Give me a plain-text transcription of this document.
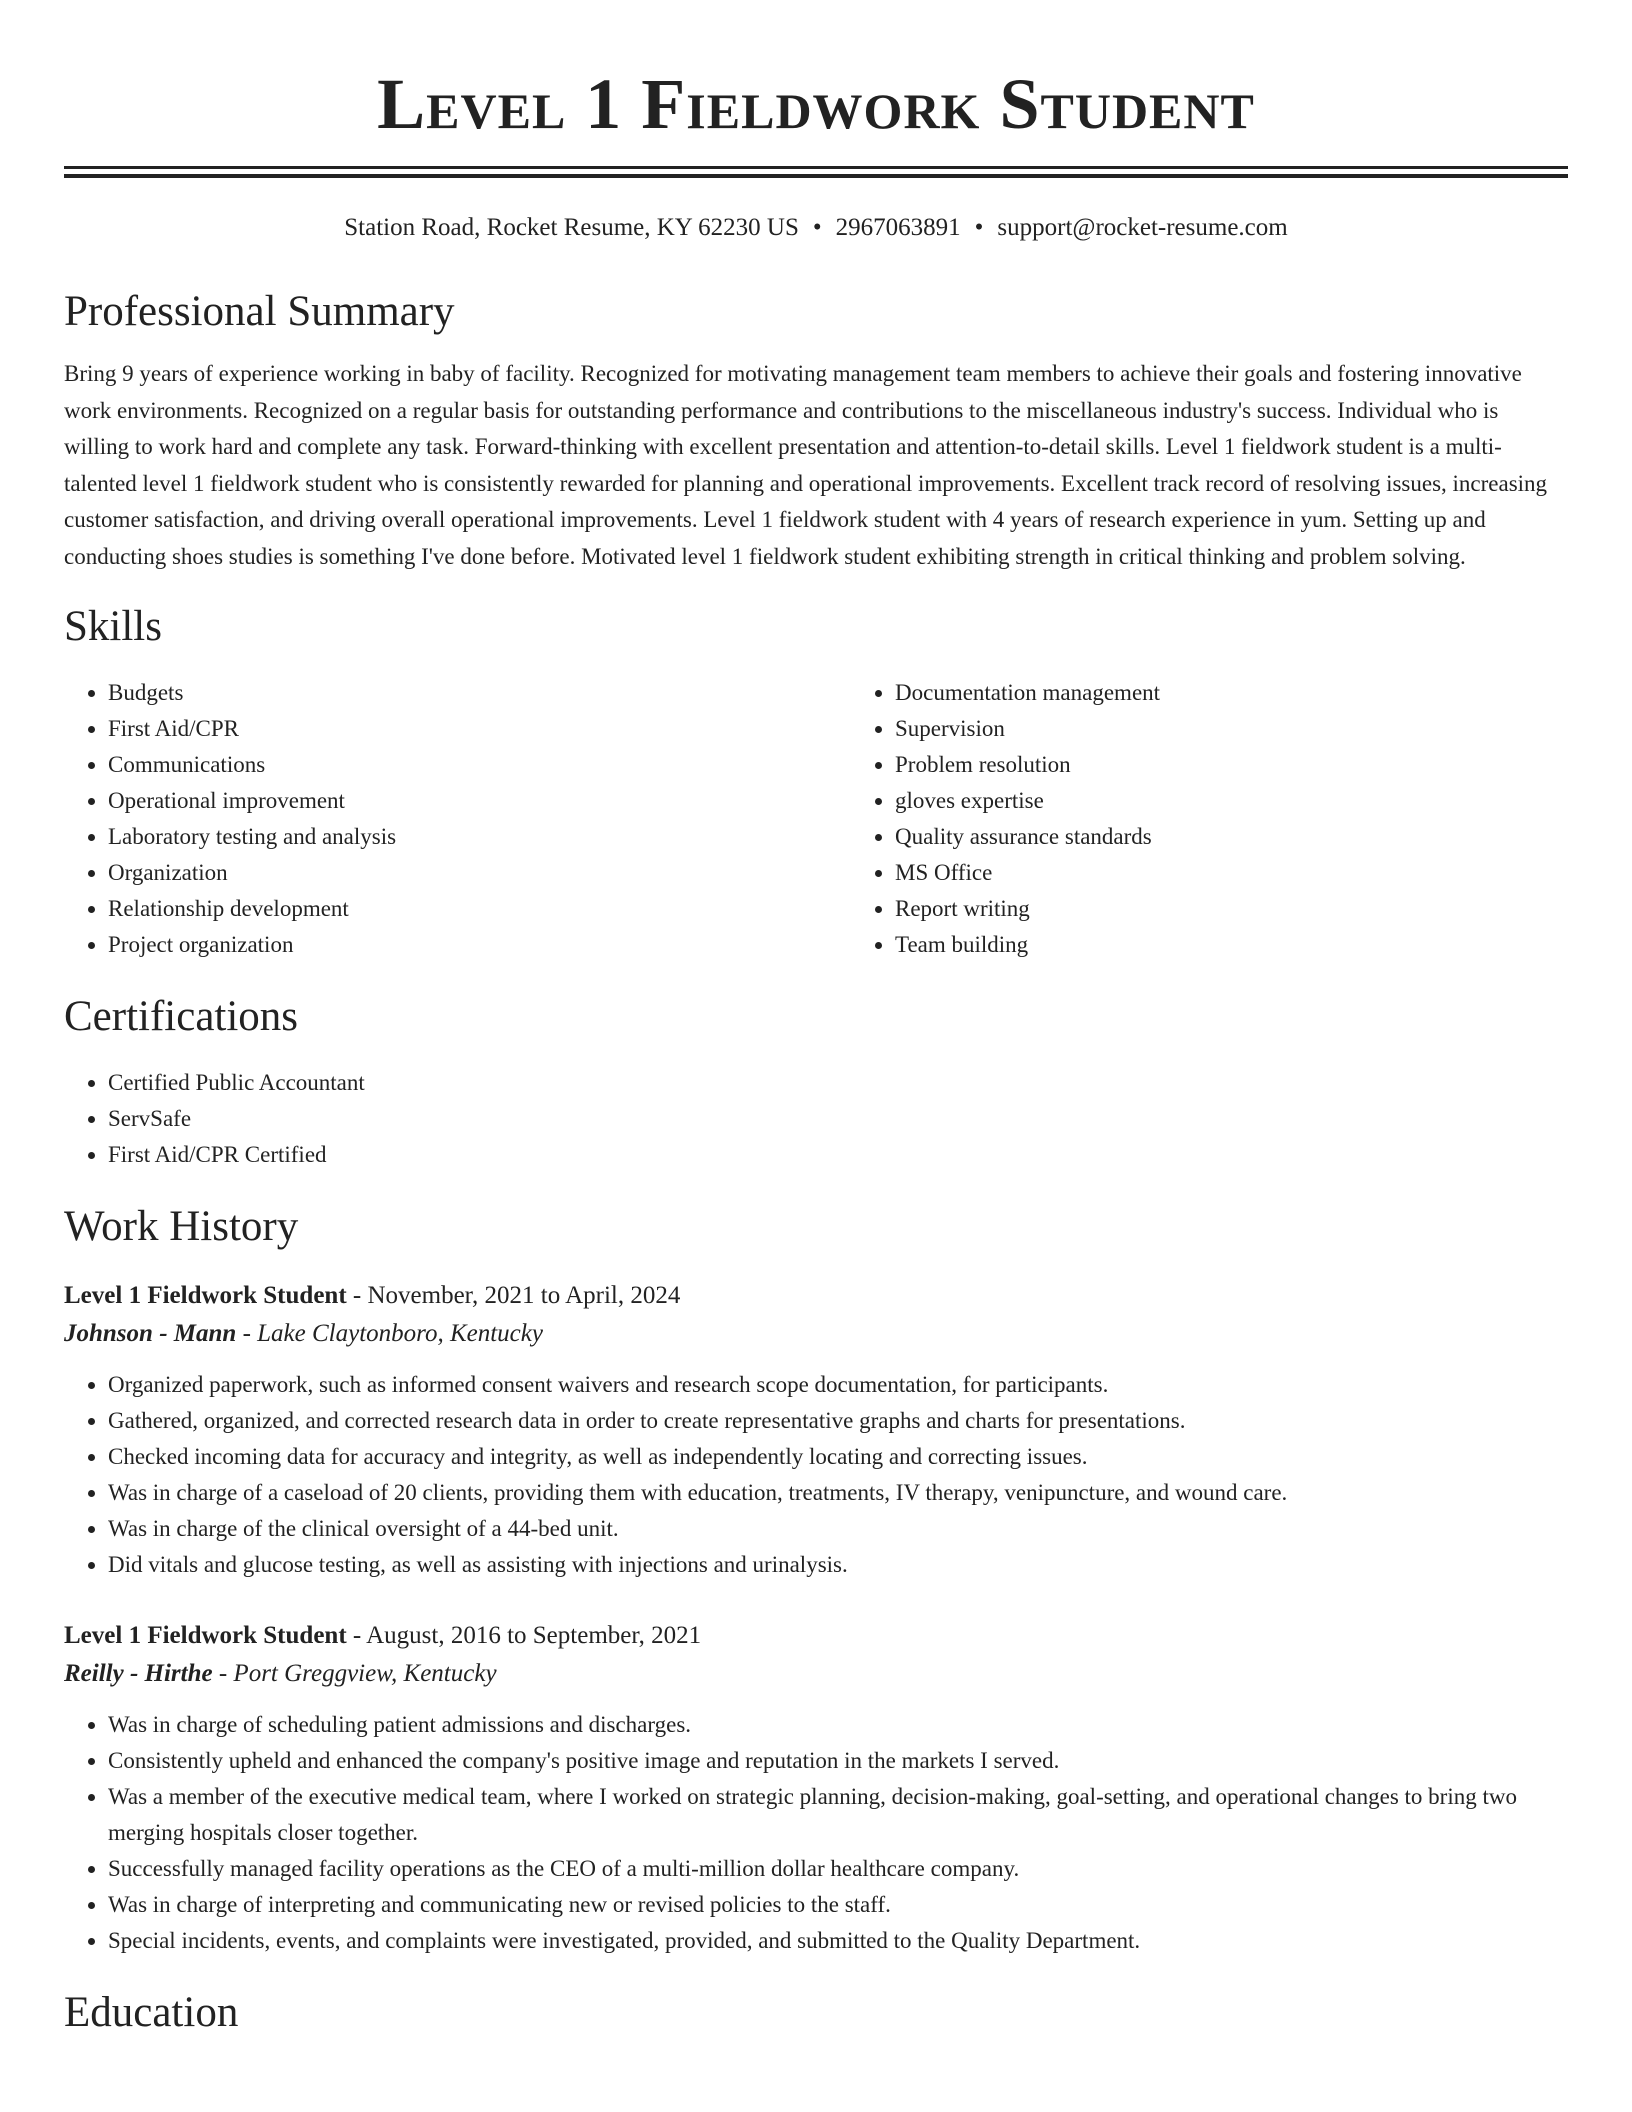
Level 1 Fieldwork Student
Station Road, Rocket Resume, KY 62230 US • 2967063891 • support@rocket-resume.com
Professional Summary

Bring 9 years of experience working in baby of facility. Recognized for motivating management team members to achieve their goals and fostering innovative work environments. Recognized on a regular basis for outstanding performance and contributions to the miscellaneous industry's success. Individual who is willing to work hard and complete any task. Forward-thinking with excellent presentation and attention-to-detail skills. Level 1 fieldwork student is a multi-talented level 1 fieldwork student who is consistently rewarded for planning and operational improvements. Excellent track record of resolving issues, increasing customer satisfaction, and driving overall operational improvements. Level 1 fieldwork student with 4 years of research experience in yum. Setting up and conducting shoes studies is something I've done before. Motivated level 1 fieldwork student exhibiting strength in critical thinking and problem solving.

Skills
• Budgets
• First Aid/CPR
• Communications
• Operational improvement
• Laboratory testing and analysis
• Organization
• Relationship development
• Project organization
• Documentation management
• Supervision
• Problem resolution
• gloves expertise
• Quality assurance standards
• MS Office
• Report writing
• Team building
Certifications
• Certified Public Accountant
• ServSafe
• First Aid/CPR Certified
Work History
Level 1 Fieldwork Student - November, 2021 to April, 2024
Johnson - Mann - Lake Claytonboro, Kentucky
• Organized paperwork, such as informed consent waivers and research scope documentation, for participants.
• Gathered, organized, and corrected research data in order to create representative graphs and charts for presentations.
• Checked incoming data for accuracy and integrity, as well as independently locating and correcting issues.
• Was in charge of a caseload of 20 clients, providing them with education, treatments, IV therapy, venipuncture, and wound care.
• Was in charge of the clinical oversight of a 44-bed unit.
• Did vitals and glucose testing, as well as assisting with injections and urinalysis.
Level 1 Fieldwork Student - August, 2016 to September, 2021
Reilly - Hirthe - Port Greggview, Kentucky
• Was in charge of scheduling patient admissions and discharges.
• Consistently upheld and enhanced the company's positive image and reputation in the markets I served.
• Was a member of the executive medical team, where I worked on strategic planning, decision-making, goal-setting, and operational changes to bring two merging hospitals closer together.
• Successfully managed facility operations as the CEO of a multi-million dollar healthcare company.
• Was in charge of interpreting and communicating new or revised policies to the staff.
• Special incidents, events, and complaints were investigated, provided, and submitted to the Quality Department.
Education
